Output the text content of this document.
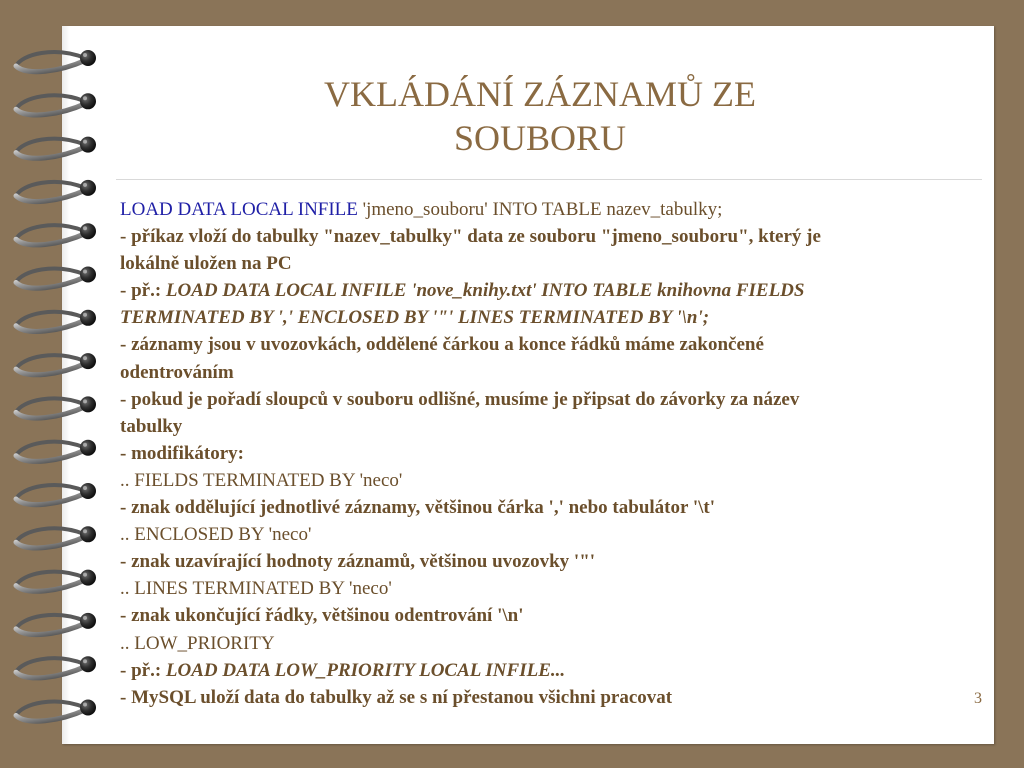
VKLÁDÁNÍ ZÁZNAMŮ ZE
SOUBORU
LOAD DATA LOCAL INFILE 'jmeno_souboru' INTO TABLE nazev_tabulky;
- příkaz vloží do tabulky "nazev_tabulky" data ze souboru "jmeno_souboru", který je
lokálně uložen na PC
- př.: LOAD DATA LOCAL INFILE 'nove_knihy.txt' INTO TABLE knihovna FIELDS
TERMINATED BY ',' ENCLOSED BY '"' LINES TERMINATED BY '\n';
- záznamy jsou v uvozovkách, oddělené čárkou a konce řádků máme zakončené
odentrováním
- pokud je pořadí sloupců v souboru odlišné, musíme je připsat do závorky za název
tabulky
- modifikátory:
.. FIELDS TERMINATED BY 'neco'
- znak oddělující jednotlivé záznamy, většinou čárka ',' nebo tabulátor '\t'
.. ENCLOSED BY 'neco'
- znak uzavírající hodnoty záznamů, většinou uvozovky '"'
.. LINES TERMINATED BY 'neco'
- znak ukončující řádky, většinou odentrování '\n'
.. LOW_PRIORITY
- př.: LOAD DATA LOW_PRIORITY LOCAL INFILE...
- MySQL uloží data do tabulky až se s ní přestanou všichni pracovat	3
